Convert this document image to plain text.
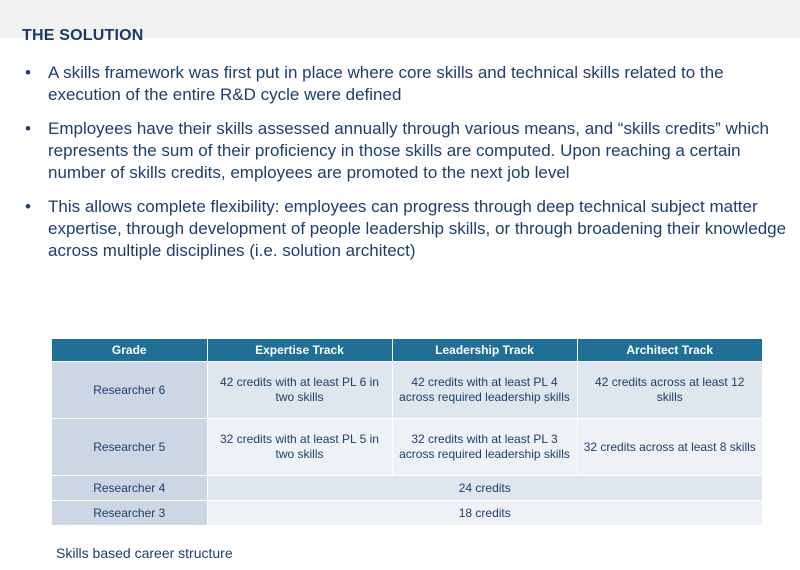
THE SOLUTION
• A skills framework was first put in place where core skills and technical skills related to the execution of the entire R&D cycle were defined
• Employees have their skills assessed annually through various means, and “skills credits” which represents the sum of their proficiency in those skills are computed. Upon reaching a certain number of skills credits, employees are promoted to the next job level
• This allows complete flexibility: employees can progress through deep technical subject matter expertise, through development of people leadership skills, or through broadening their knowledge across multiple disciplines (i.e. solution architect)
Grade	Expertise Track	Leadership Track	Architect Track
Researcher 6	42 credits with at least PL 6 in two skills	42 credits with at least PL 4 across required leadership skills	42 credits across at least 12 skills
Researcher 5	32 credits with at least PL 5 in two skills	32 credits with at least PL 3 across required leadership skills	32 credits across at least 8 skills
Researcher 4	24 credits		
Researcher 3	18 credits		
Skills based career structure
